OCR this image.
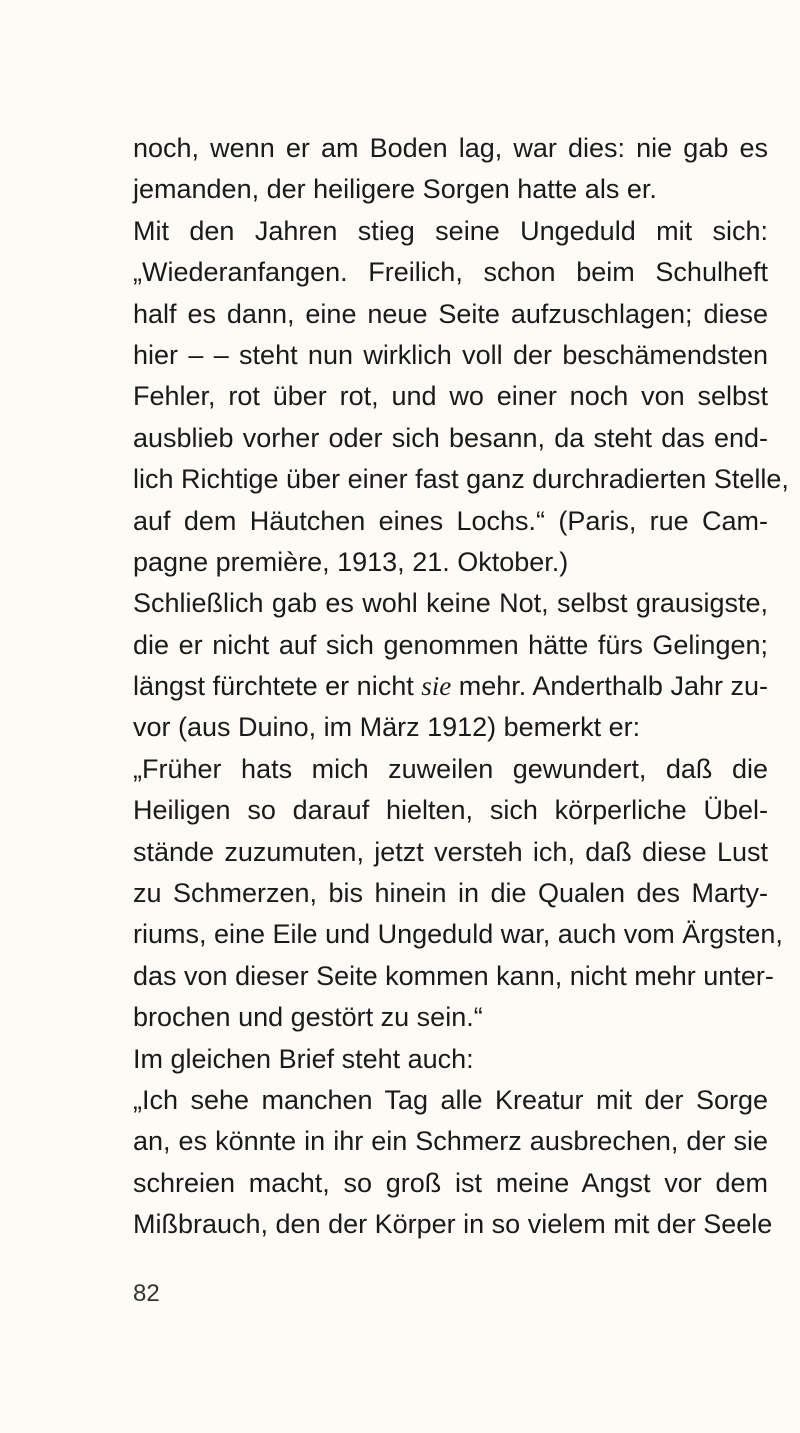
noch, wenn er am Boden lag, war dies: nie gab es
jemanden, der heiligere Sorgen hatte als er.
Mit den Jahren stieg seine Ungeduld mit sich:
„Wiederanfangen. Freilich, schon beim Schulheft
half es dann, eine neue Seite aufzuschlagen; diese
hier – – steht nun wirklich voll der beschämendsten
Fehler, rot über rot, und wo einer noch von selbst
ausblieb vorher oder sich besann, da steht das end-
lich Richtige über einer fast ganz durchradierten Stelle,
auf dem Häutchen eines Lochs.“ (Paris, rue Cam-
pagne première, 1913, 21. Oktober.)
Schließlich gab es wohl keine Not, selbst grausigste,
die er nicht auf sich genommen hätte fürs Gelingen;
längst fürchtete er nicht sie mehr. Anderthalb Jahr zu-
vor (aus Duino, im März 1912) bemerkt er:
„Früher hats mich zuweilen gewundert, daß die
Heiligen so darauf hielten, sich körperliche Übel-
stände zuzumuten, jetzt versteh ich, daß diese Lust
zu Schmerzen, bis hinein in die Qualen des Marty-
riums, eine Eile und Ungeduld war, auch vom Ärgsten,
das von dieser Seite kommen kann, nicht mehr unter-
brochen und gestört zu sein.“
Im gleichen Brief steht auch:
„Ich sehe manchen Tag alle Kreatur mit der Sorge
an, es könnte in ihr ein Schmerz ausbrechen, der sie
schreien macht, so groß ist meine Angst vor dem
Mißbrauch, den der Körper in so vielem mit der Seele
82
